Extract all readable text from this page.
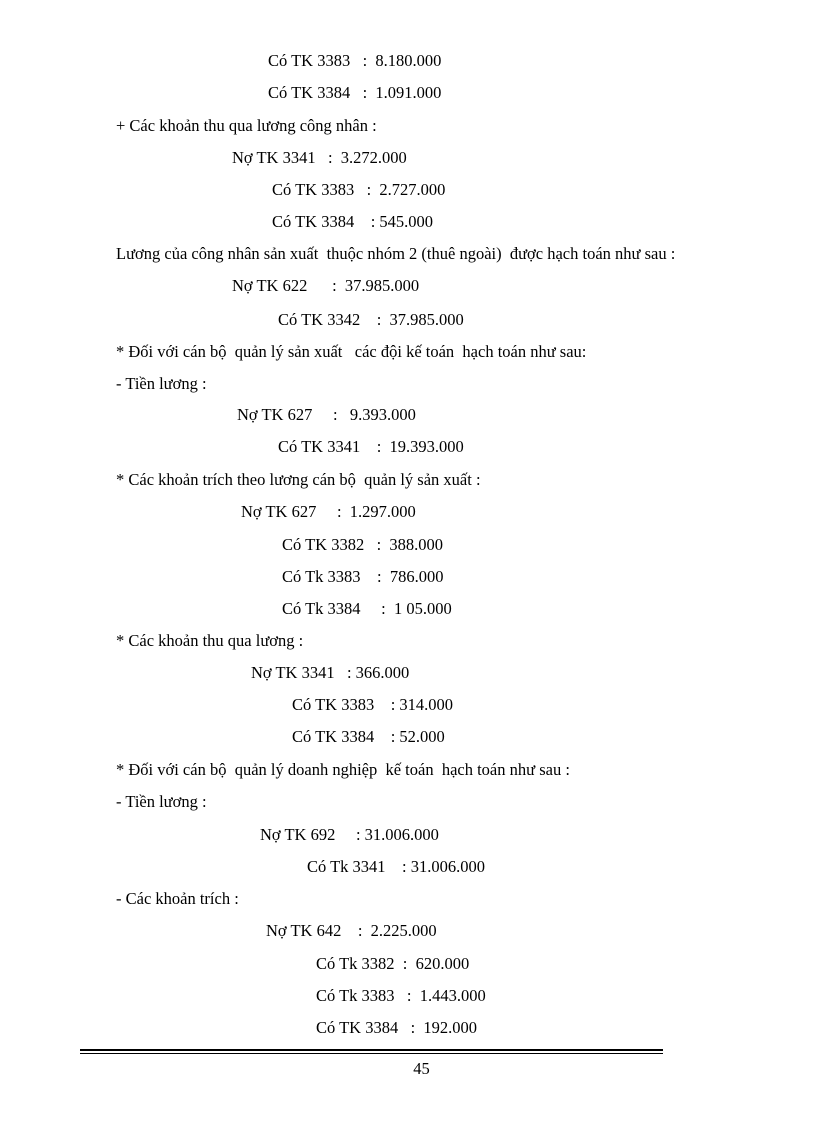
Có TK 3383   :  8.180.000
Có TK 3384   :  1.091.000
+ Các khoản thu qua lương công nhân :
Nợ TK 3341   :  3.272.000
Có TK 3383   :  2.727.000
Có TK 3384    : 545.000
Lương của công nhân sản xuất  thuộc nhóm 2 (thuê ngoài)  được hạch toán như sau :
Nợ TK 622      :  37.985.000
Có TK 3342    :  37.985.000
* Đối với cán bộ  quản lý sản xuất   các đội kế toán  hạch toán như sau:
- Tiền lương :
Nợ TK 627     :   9.393.000
Có TK 3341    :  19.393.000
* Các khoản trích theo lương cán bộ  quản lý sản xuất :
Nợ TK 627     :  1.297.000
Có TK 3382   :  388.000
Có Tk 3383    :  786.000
Có Tk 3384     :  1 05.000
* Các khoản thu qua lương :
Nợ TK 3341   : 366.000
Có TK 3383    : 314.000
Có TK 3384    : 52.000
* Đối với cán bộ  quản lý doanh nghiệp  kế toán  hạch toán như sau :
- Tiền lương :
Nợ TK 692     : 31.006.000
Có Tk 3341    : 31.006.000
- Các khoản trích :
Nợ TK 642    :  2.225.000
Có Tk 3382  :  620.000
Có Tk 3383   :  1.443.000
Có TK 3384   :  192.000
45
